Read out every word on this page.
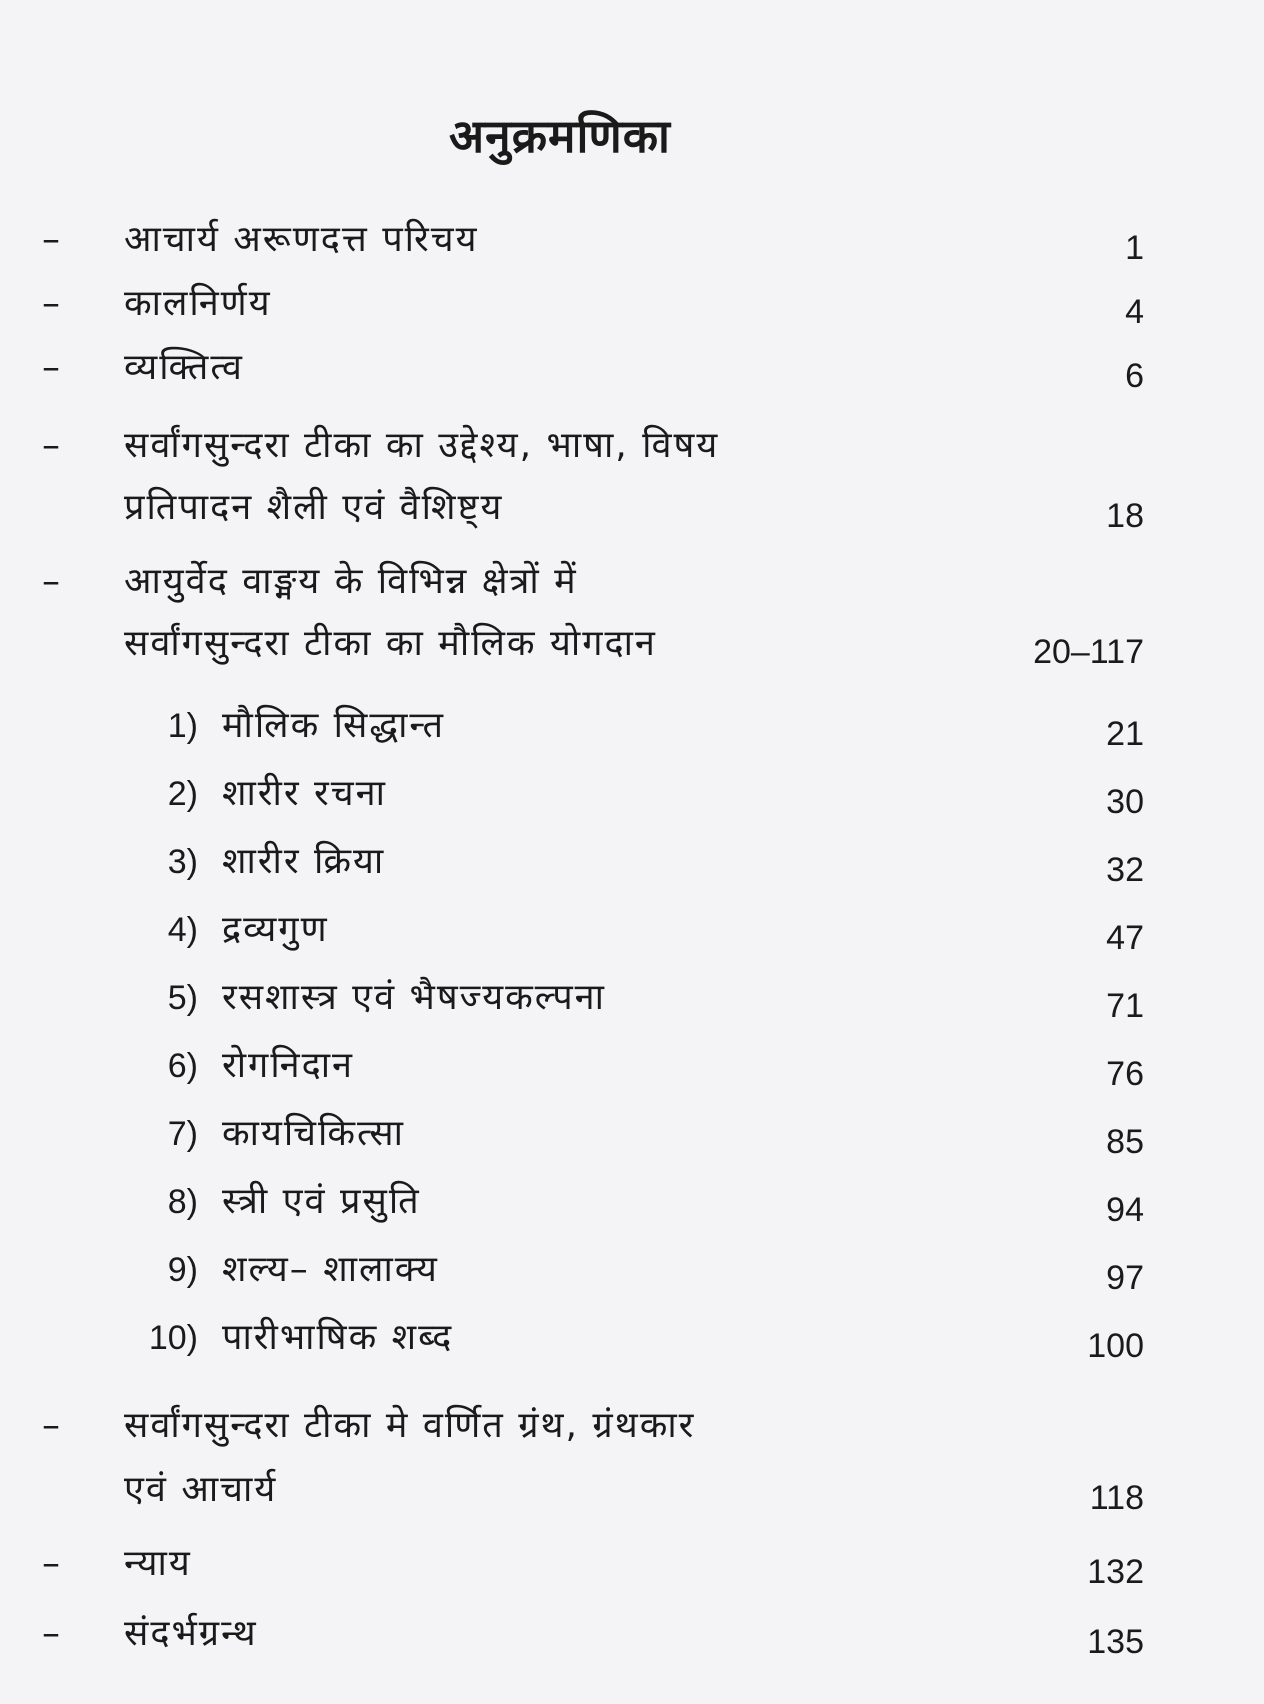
अनुक्रमणिका
–	आचार्य अरूणदत्त परिचय	1
–	कालनिर्णय	4
–	व्यक्तित्व	6
–	सर्वांगसुन्दरा टीका का उद्देश्य, भाषा, विषय
प्रतिपादन शैली एवं वैशिष्ट्य	18
–	आयुर्वेद वाङ्मय के विभिन्न क्षेत्रों में
सर्वांगसुन्दरा टीका का मौलिक योगदान	20–117
1) मौलिक सिद्धान्त	21
2) शारीर रचना	30
3) शारीर क्रिया	32
4) द्रव्यगुण	47
5) रसशास्त्र एवं भैषज्यकल्पना	71
6) रोगनिदान	76
7) कायचिकित्सा	85
8) स्त्री एवं प्रसुति	94
9) शल्य– शालाक्य	97
10) पारीभाषिक शब्द	100
–	सर्वांगसुन्दरा टीका मे वर्णित ग्रंथ, ग्रंथकार
एवं आचार्य	118
–	न्याय	132
–	संदर्भग्रन्थ	135
